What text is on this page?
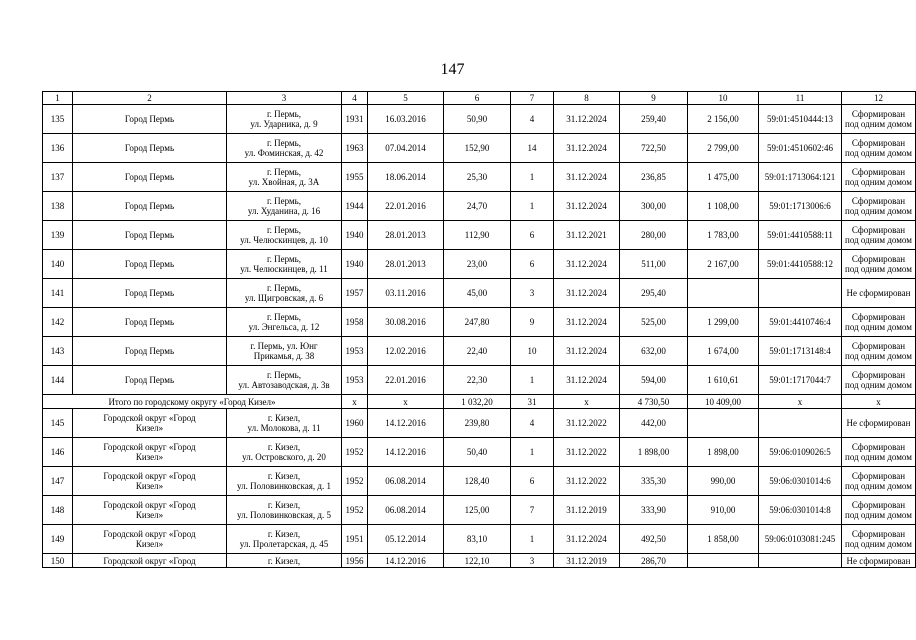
147
1	2	3	4	5	6	7	8	9	10	11	12
135	Город Пермь	г. Пермь,
ул. Ударника, д. 9	1931	16.03.2016	50,90	4	31.12.2024	259,40	2 156,00	59:01:4510444:13	Сформирован
под одним домом
136	Город Пермь	г. Пермь,
ул. Фоминская, д. 42	1963	07.04.2014	152,90	14	31.12.2024	722,50	2 799,00	59:01:4510602:46	Сформирован
под одним домом
137	Город Пермь	г. Пермь,
ул. Хвойная, д. 3А	1955	18.06.2014	25,30	1	31.12.2024	236,85	1 475,00	59:01:1713064:121	Сформирован
под одним домом
138	Город Пермь	г. Пермь,
ул. Худанина, д. 16	1944	22.01.2016	24,70	1	31.12.2024	300,00	1 108,00	59:01:1713006:6	Сформирован
под одним домом
139	Город Пермь	г. Пермь,
ул. Челюскинцев, д. 10	1940	28.01.2013	112,90	6	31.12.2021	280,00	1 783,00	59:01:4410588:11	Сформирован
под одним домом
140	Город Пермь	г. Пермь,
ул. Челюскинцев, д. 11	1940	28.01.2013	23,00	6	31.12.2024	511,00	2 167,00	59:01:4410588:12	Сформирован
под одним домом
141	Город Пермь	г. Пермь,
ул. Щигровская, д. 6	1957	03.11.2016	45,00	3	31.12.2024	295,40			Не сформирован
142	Город Пермь	г. Пермь,
ул. Энгельса, д. 12	1958	30.08.2016	247,80	9	31.12.2024	525,00	1 299,00	59:01:4410746:4	Сформирован
под одним домом
143	Город Пермь	г. Пермь, ул. Юнг
Прикамья, д. 38	1953	12.02.2016	22,40	10	31.12.2024	632,00	1 674,00	59:01:1713148:4	Сформирован
под одним домом
144	Город Пермь	г. Пермь,
ул. Автозаводская, д. 3в	1953	22.01.2016	22,30	1	31.12.2024	594,00	1 610,61	59:01:1717044:7	Сформирован
под одним домом
Итого по городскому округу «Город Кизел»			x	x	1 032,20	31	x	4 730,50	10 409,00	x	x
145	Городской округ «Город
Кизел»	г. Кизел,
ул. Молокова, д. 11	1960	14.12.2016	239,80	4	31.12.2022	442,00			Не сформирован
146	Городской округ «Город
Кизел»	г. Кизел,
ул. Островского, д. 20	1952	14.12.2016	50,40	1	31.12.2022	1 898,00	1 898,00	59:06:0109026:5	Сформирован
под одним домом
147	Городской округ «Город
Кизел»	г. Кизел,
ул. Половинковская, д. 1	1952	06.08.2014	128,40	6	31.12.2022	335,30	990,00	59:06:0301014:6	Сформирован
под одним домом
148	Городской округ «Город
Кизел»	г. Кизел,
ул. Половинковская, д. 5	1952	06.08.2014	125,00	7	31.12.2019	333,90	910,00	59:06:0301014:8	Сформирован
под одним домом
149	Городской округ «Город
Кизел»	г. Кизел,
ул. Пролетарская, д. 45	1951	05.12.2014	83,10	1	31.12.2024	492,50	1 858,00	59:06:0103081:245	Сформирован
под одним домом
150	Городской округ «Город	г. Кизел,	1956	14.12.2016	122,10	3	31.12.2019	286,70			Не сформирован
